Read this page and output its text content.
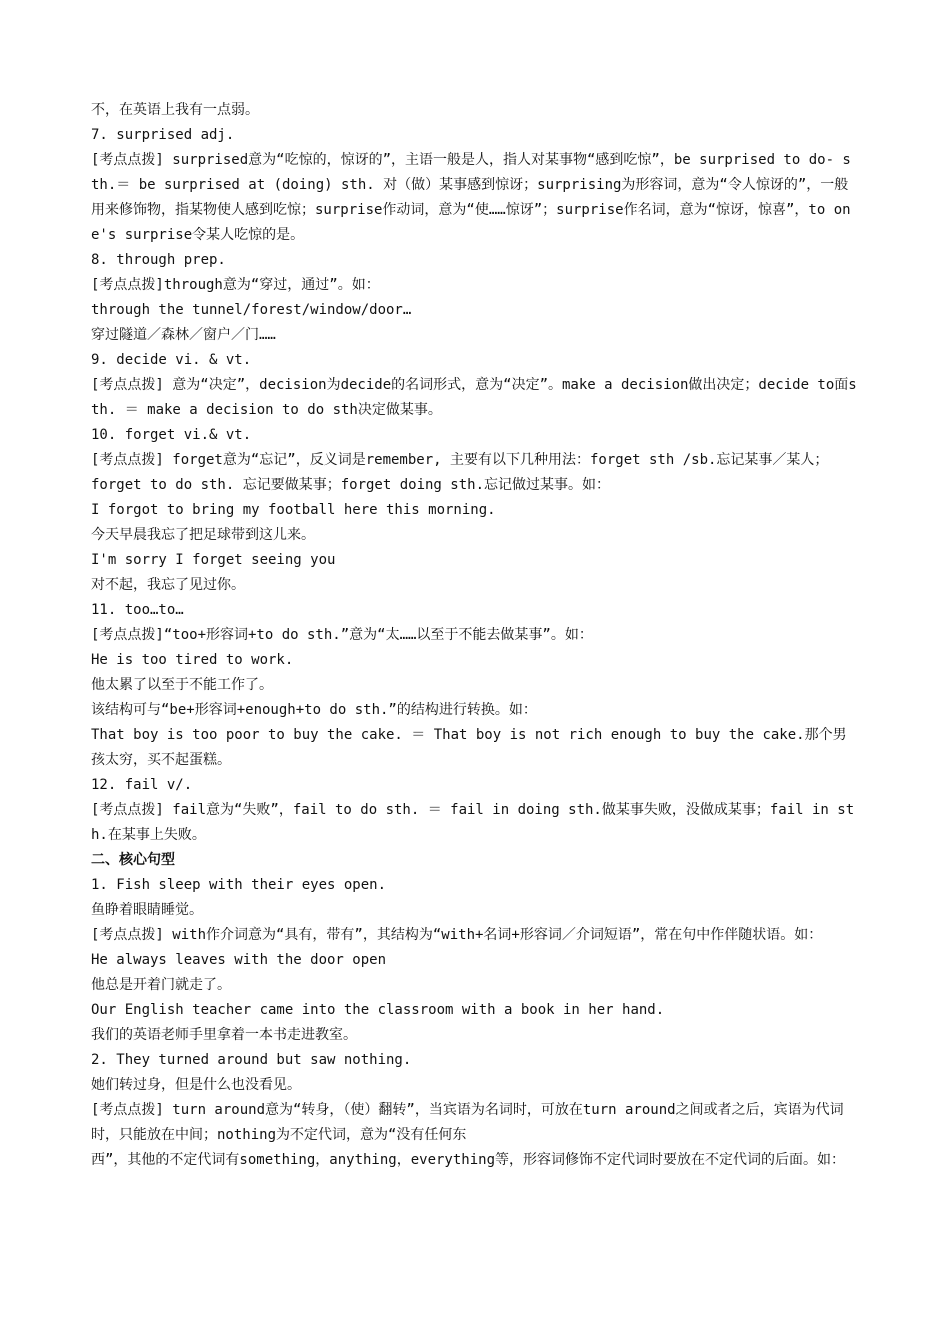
不，在英语上我有一点弱。
7. surprised adj.
[考点点拨] surprised意为“吃惊的，惊讶的”，主语一般是人，指人对某事物“感到吃惊”，be surprised to do- sth.＝ be surprised at (doing) sth. 对（做）某事感到惊讶；surprising为形容词，意为“令人惊讶的”，一般用来修饰物，指某物使人感到吃惊；surprise作动词，意为“使……惊讶”；surprise作名词，意为“惊讶，惊喜”，to one's surprise令某人吃惊的是。
8. through prep.
[考点点拨]through意为“穿过，通过”。如：
through the tunnel/forest/window/door…
穿过隧道／森林／窗户／门……
9. decide vi. & vt.
[考点点拨] 意为“决定”，decision为decide的名词形式，意为“决定”。make a decision做出决定；decide to面sth. ＝ make a decision to do sth决定做某事。
10. forget vi.& vt.
[考点点拨] forget意为“忘记”，反义词是remember, 主要有以下几种用法：forget sth /sb.忘记某事／某人；
forget to do sth. 忘记要做某事；forget doing sth.忘记做过某事。如：
I forgot to bring my football here this morning.
今天早晨我忘了把足球带到这儿来。
I'm sorry I forget seeing you
对不起，我忘了见过你。
11. too…to…
[考点点拨]“too+形容词+to do sth.”意为“太……以至于不能去做某事”。如：
He is too tired to work.
他太累了以至于不能工作了。
该结构可与“be+形容词+enough+to do sth.”的结构进行转换。如：
That boy is too poor to buy the cake. ＝ That boy is not rich enough to buy the cake.那个男孩太穷，买不起蛋糕。
12. fail v/.
[考点点拨] fail意为“失败”，fail to do sth. ＝ fail in doing sth.做某事失败，没做成某事；fail in sth.在某事上失败。
二、核心句型
1. Fish sleep with their eyes open.
鱼睁着眼睛睡觉。
[考点点拨] with作介词意为“具有，带有”，其结构为“with+名词+形容词／介词短语”，常在句中作伴随状语。如：
He always leaves with the door open
他总是开着门就走了。
Our English teacher came into the classroom with a book in her hand.
我们的英语老师手里拿着一本书走进教室。
2. They turned around but saw nothing.
她们转过身，但是什么也没看见。
[考点点拨] turn around意为“转身，（使）翻转”，当宾语为名词时，可放在turn around之间或者之后，宾语为代词时，只能放在中间；nothing为不定代词，意为“没有任何东
西”，其他的不定代词有something，anything，everything等，形容词修饰不定代词时要放在不定代词的后面。如：
